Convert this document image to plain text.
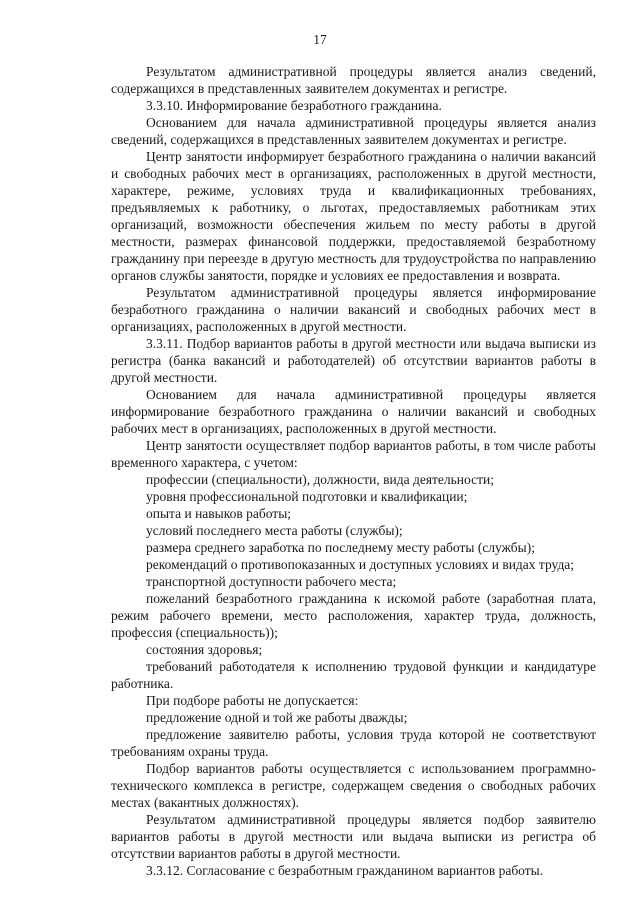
17

Результатом административной процедуры является анализ сведений, содержащихся в представленных заявителем документах и регистре.

3.3.10. Информирование безработного гражданина.

Основанием для начала административной процедуры является анализ сведений, содержащихся в представленных заявителем документах и регистре.

Центр занятости информирует безработного гражданина о наличии вакансий и свободных рабочих мест в организациях, расположенных в другой местности, характере, режиме, условиях труда и квалификационных требованиях, предъявляемых к работнику, о льготах, предоставляемых работникам этих организаций, возможности обеспечения жильем по месту работы в другой местности, размерах финансовой поддержки, предоставляемой безработному гражданину при переезде в другую местность для трудоустройства по направлению органов службы занятости, порядке и условиях ее предоставления и возврата.

Результатом административной процедуры является информирование безработного гражданина о наличии вакансий и свободных рабочих мест в организациях, расположенных в другой местности.

3.3.11. Подбор вариантов работы в другой местности или выдача выписки из регистра (банка вакансий и работодателей) об отсутствии вариантов работы в другой местности.

Основанием для начала административной процедуры является информирование безработного гражданина о наличии вакансий и свободных рабочих мест в организациях, расположенных в другой местности.

Центр занятости осуществляет подбор вариантов работы, в том числе работы временного характера, с учетом:

профессии (специальности), должности, вида деятельности;

уровня профессиональной подготовки и квалификации;

опыта и навыков работы;

условий последнего места работы (службы);

размера среднего заработка по последнему месту работы (службы);

рекомендаций о противопоказанных и доступных условиях и видах труда;

транспортной доступности рабочего места;

пожеланий безработного гражданина к искомой работе (заработная плата, режим рабочего времени, место расположения, характер труда, должность, профессия (специальность));

состояния здоровья;

требований работодателя к исполнению трудовой функции и кандидатуре работника.

При подборе работы не допускается:

предложение одной и той же работы дважды;

предложение заявителю работы, условия труда которой не соответствуют требованиям охраны труда.

Подбор вариантов работы осуществляется с использованием программно-технического комплекса в регистре, содержащем сведения о свободных рабочих местах (вакантных должностях).

Результатом административной процедуры является подбор заявителю вариантов работы в другой местности или выдача выписки из регистра об отсутствии вариантов работы в другой местности.

3.3.12. Согласование с безработным гражданином вариантов работы.
